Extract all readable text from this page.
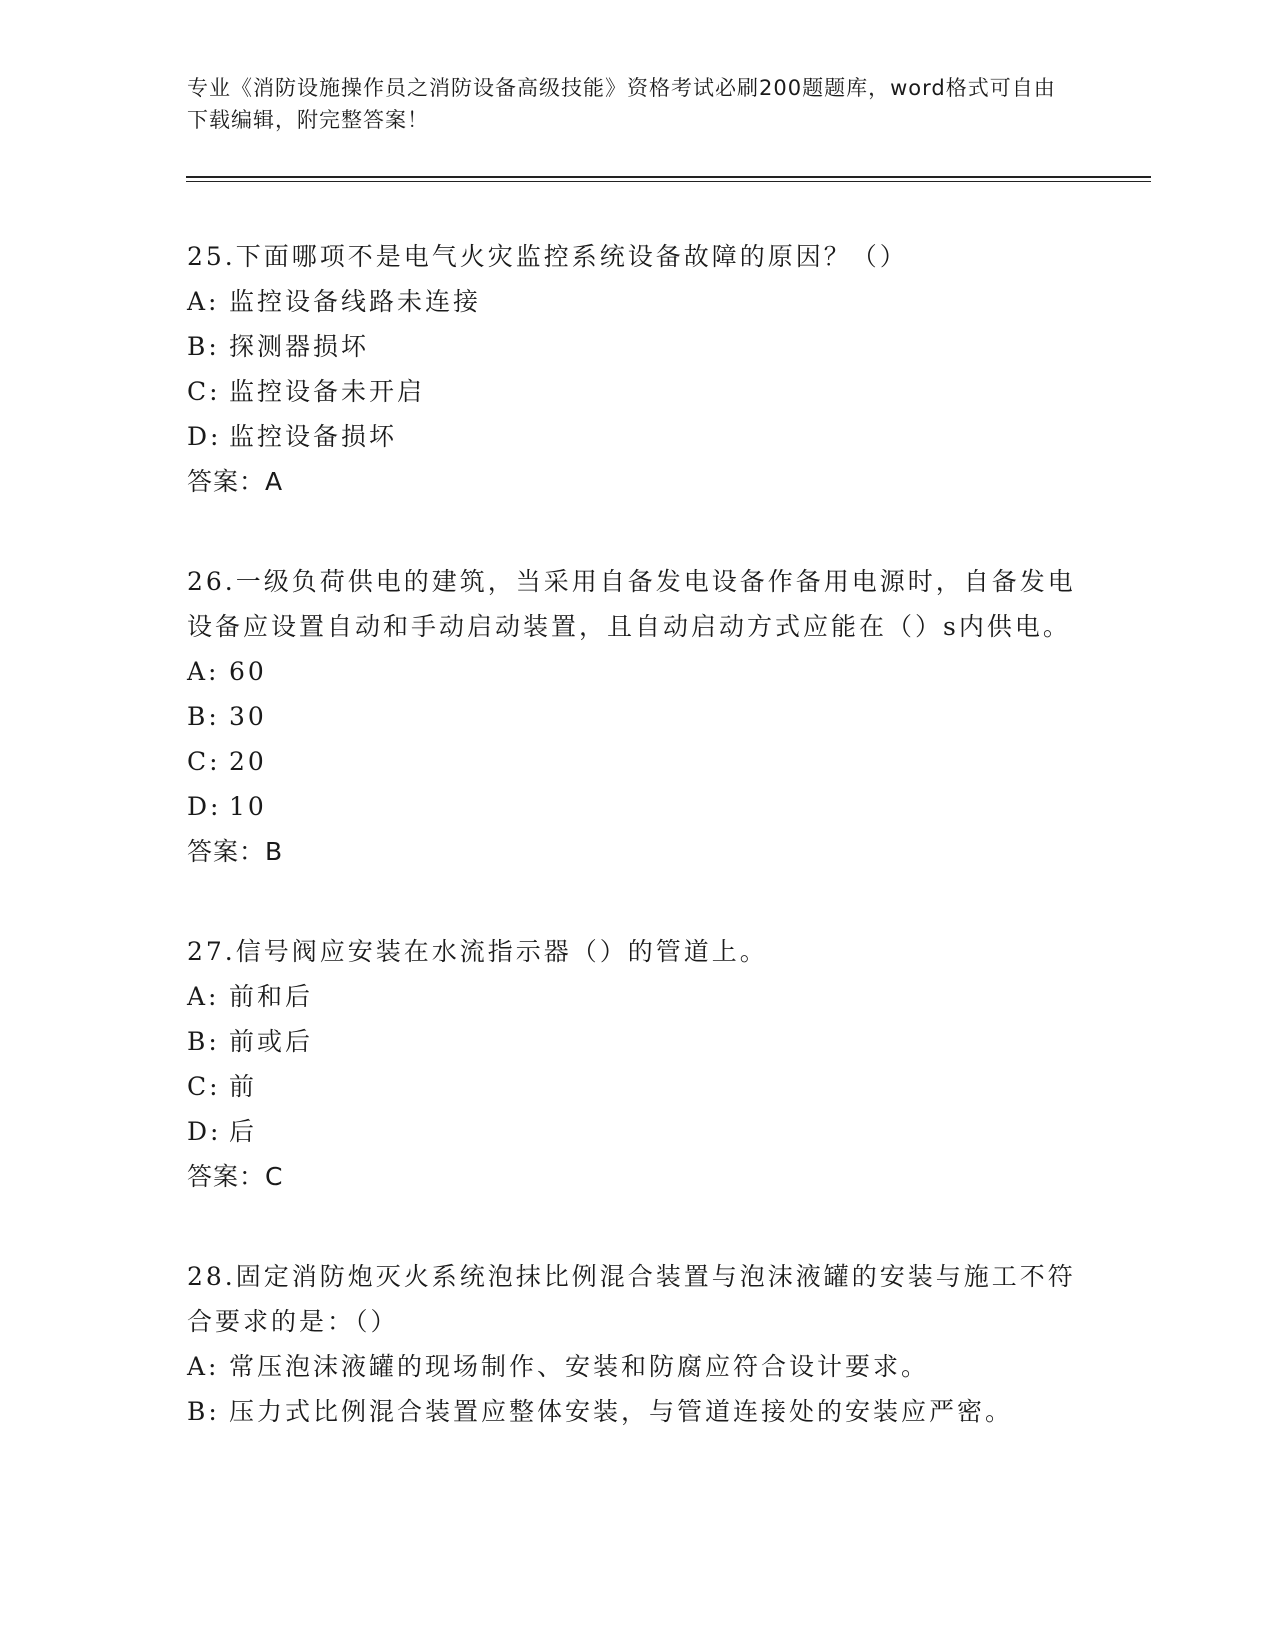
专业《消防设施操作员之消防设备高级技能》资格考试必刷200题题库，word格式可自由下载编辑，附完整答案！

25.下面哪项不是电气火灾监控系统设备故障的原因？（）

A: 监控设备线路未连接

B: 探测器损坏

C: 监控设备未开启

D: 监控设备损坏

答案：A

26.一级负荷供电的建筑，当采用自备发电设备作备用电源时，自备发电设备应设置自动和手动启动装置，且自动启动方式应能在（）s内供电。

A: 60

B: 30

C: 20

D: 10

答案：B

27.信号阀应安装在水流指示器（）的管道上。

A: 前和后

B: 前或后

C: 前

D: 后

答案：C

28.固定消防炮灭火系统泡抹比例混合装置与泡沫液罐的安装与施工不符合要求的是：（）

A: 常压泡沫液罐的现场制作、安装和防腐应符合设计要求。

B: 压力式比例混合装置应整体安装，与管道连接处的安装应严密。
